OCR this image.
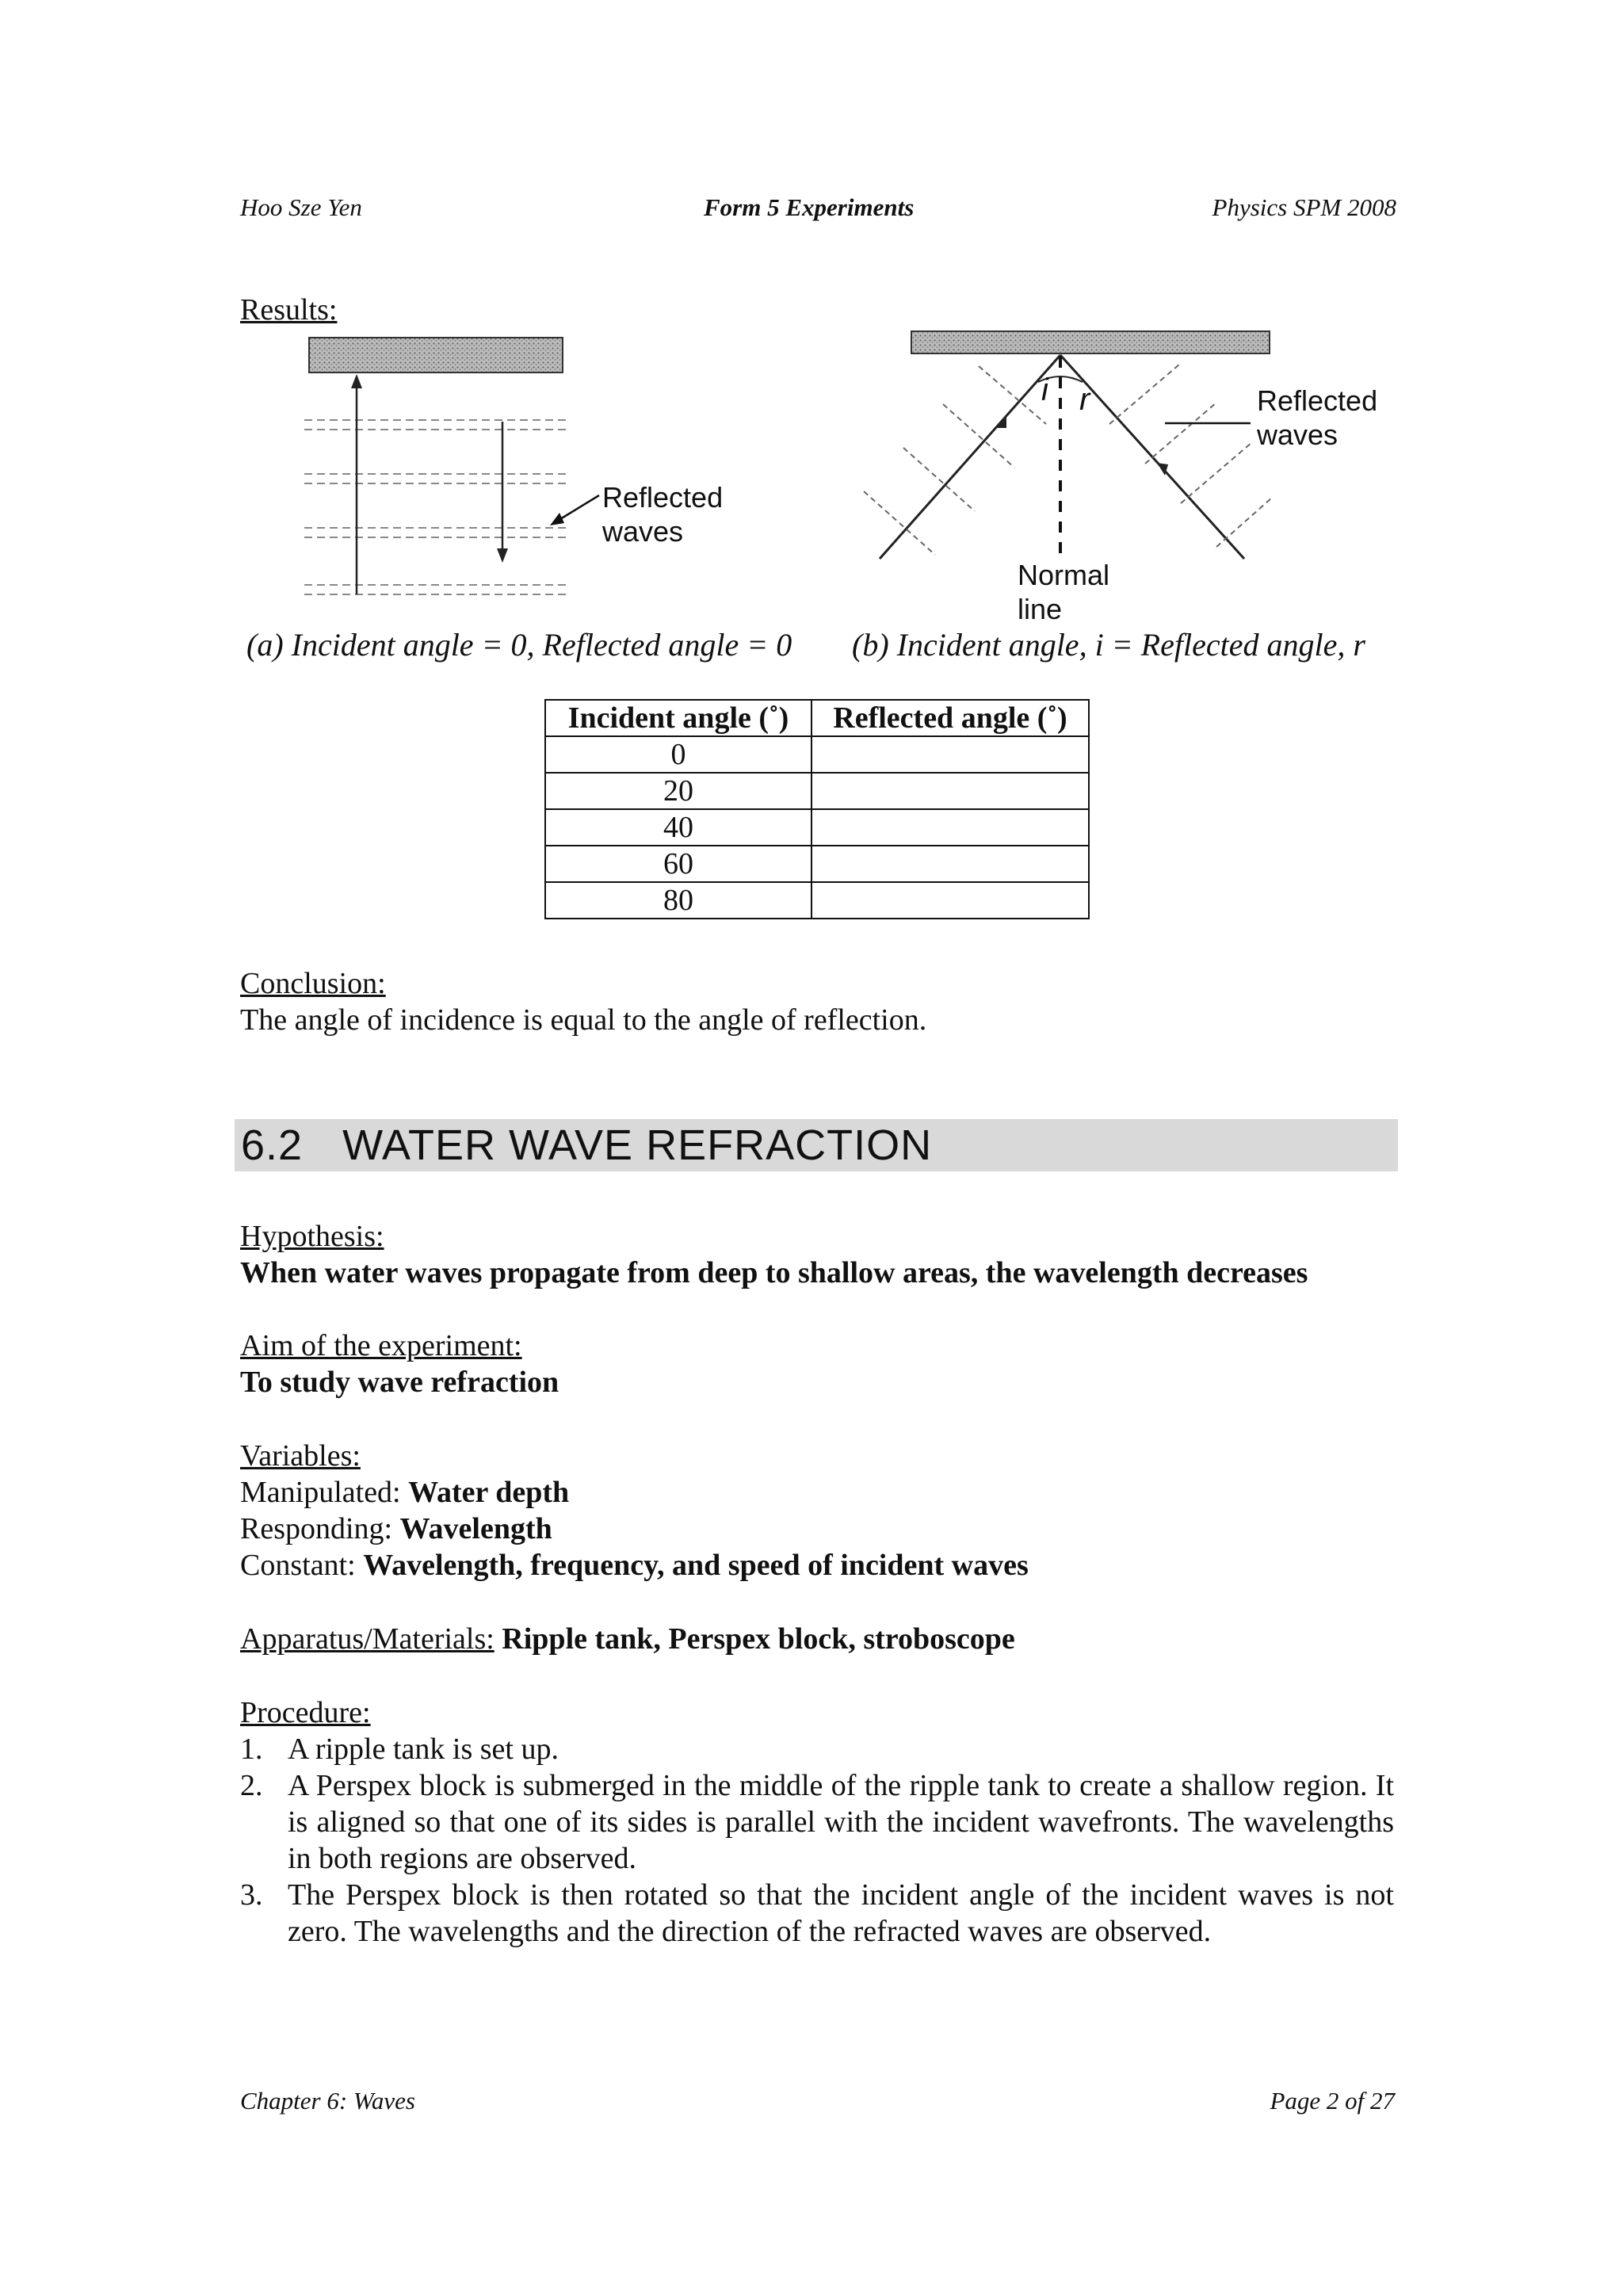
Hoo Sze Yen	Form 5 Experiments	Physics SPM 2008
Results:
Reflected
waves
i r	Reflected
waves
Normal
line
(a) Incident angle = 0, Reflected angle = 0 (b) Incident angle, i = Reflected angle, r
Incident angle (˚)	Reflected angle (˚)
0	
20	
40	
60	
80	
Conclusion:
The angle of incidence is equal to the angle of reflection.
6.2 WATER WAVE REFRACTION
Hypothesis:
When water waves propagate from deep to shallow areas, the wavelength decreases
Aim of the experiment:
To study wave refraction
Variables:
Manipulated: Water depth
Responding: Wavelength
Constant: Wavelength, frequency, and speed of incident waves
Apparatus/Materials: Ripple tank, Perspex block, stroboscope
Procedure:
1. A ripple tank is set up.
2. A Perspex block is submerged in the middle of the ripple tank to create a shallow region. It is aligned so that one of its sides is parallel with the incident wavefronts. The wavelengths in both regions are observed.
3. The Perspex block is then rotated so that the incident angle of the incident waves is not zero. The wavelengths and the direction of the refracted waves are observed.
Chapter 6: Waves	Page 2 of 27
